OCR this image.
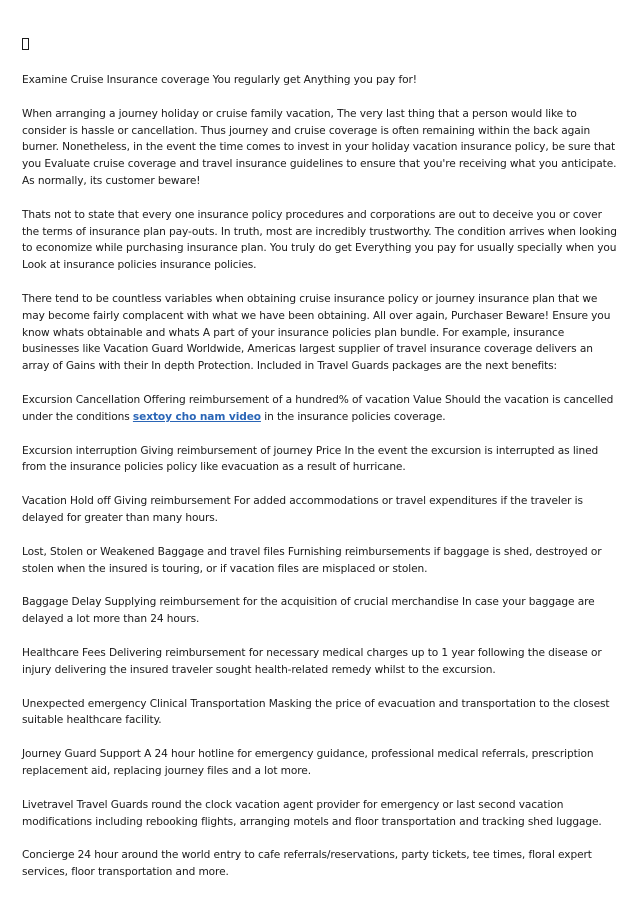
Examine Cruise Insurance coverage You regularly get Anything you pay for!

When arranging a journey holiday or cruise family vacation, The very last thing that a person would like to consider is hassle or cancellation. Thus journey and cruise coverage is often remaining within the back again burner. Nonetheless, in the event the time comes to invest in your holiday vacation insurance policy, be sure that you Evaluate cruise coverage and travel insurance guidelines to ensure that you're receiving what you anticipate. As normally, its customer beware!

Thats not to state that every one insurance policy procedures and corporations are out to deceive you or cover the terms of insurance plan pay-outs. In truth, most are incredibly trustworthy. The condition arrives when looking to economize while purchasing insurance plan. You truly do get Everything you pay for usually specially when you Look at insurance policies insurance policies.

There tend to be countless variables when obtaining cruise insurance policy or journey insurance plan that we may become fairly complacent with what we have been obtaining. All over again, Purchaser Beware! Ensure you know whats obtainable and whats A part of your insurance policies plan bundle. For example, insurance businesses like Vacation Guard Worldwide, Americas largest supplier of travel insurance coverage delivers an array of Gains with their In depth Protection. Included in Travel Guards packages are the next benefits:

Excursion Cancellation Offering reimbursement of a hundred% of vacation Value Should the vacation is cancelled under the conditions sextoy cho nam video in the insurance policies coverage.

Excursion interruption Giving reimbursement of journey Price In the event the excursion is interrupted as lined from the insurance policies policy like evacuation as a result of hurricane.

Vacation Hold off Giving reimbursement For added accommodations or travel expenditures if the traveler is delayed for greater than many hours.

Lost, Stolen or Weakened Baggage and travel files Furnishing reimbursements if baggage is shed, destroyed or stolen when the insured is touring, or if vacation files are misplaced or stolen.

Baggage Delay Supplying reimbursement for the acquisition of crucial merchandise In case your baggage are delayed a lot more than 24 hours.

Healthcare Fees Delivering reimbursement for necessary medical charges up to 1 year following the disease or injury delivering the insured traveler sought health-related remedy whilst to the excursion.

Unexpected emergency Clinical Transportation Masking the price of evacuation and transportation to the closest suitable healthcare facility.

Journey Guard Support A 24 hour hotline for emergency guidance, professional medical referrals, prescription replacement aid, replacing journey files and a lot more.

Livetravel Travel Guards round the clock vacation agent provider for emergency or last second vacation modifications including rebooking flights, arranging motels and floor transportation and tracking shed luggage.

Concierge 24 hour around the world entry to cafe referrals/reservations, party tickets, tee times, floral expert services, floor transportation and more.
